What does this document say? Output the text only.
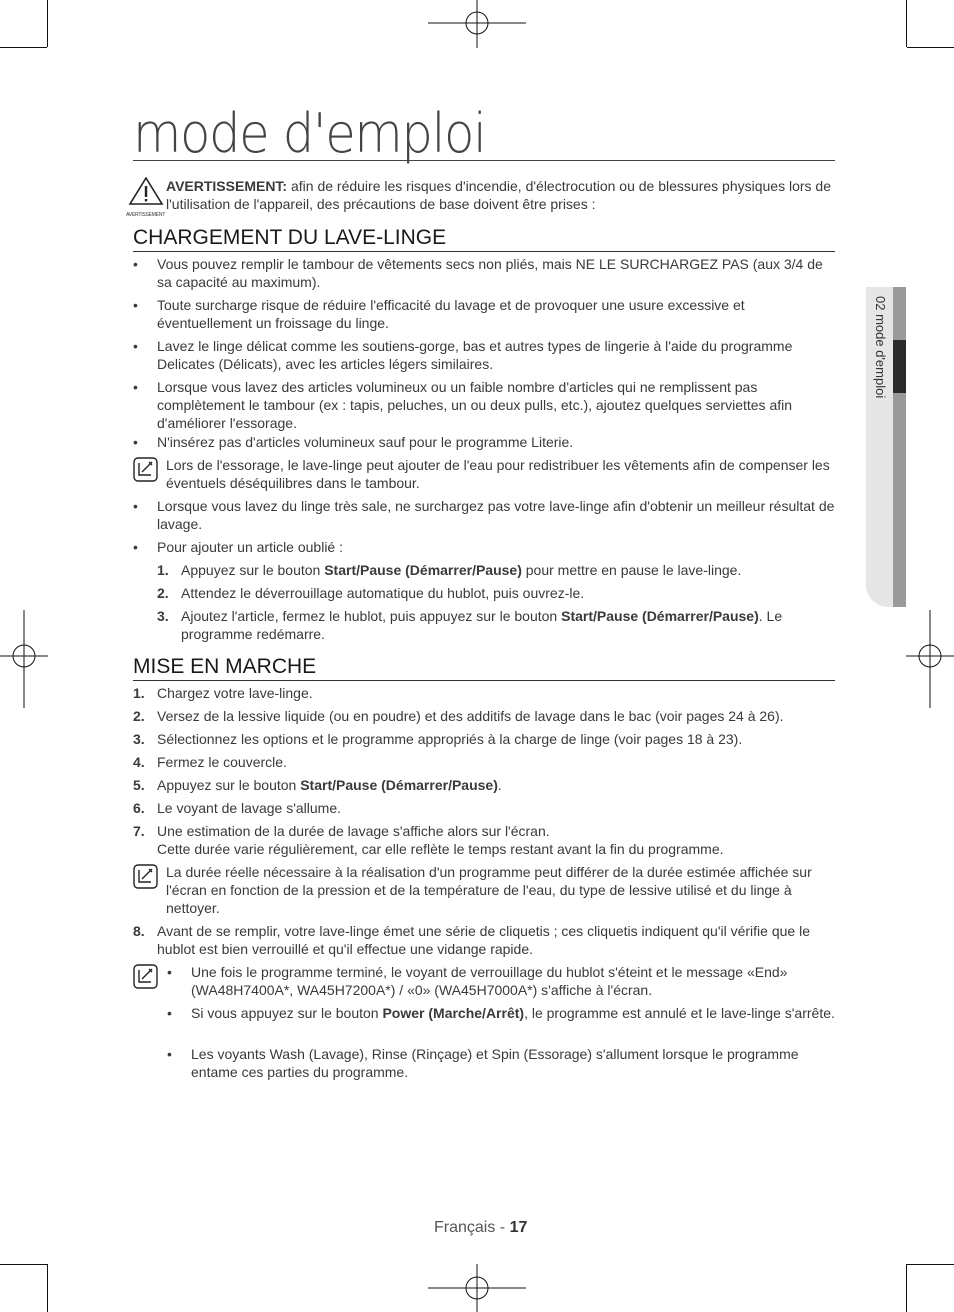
02 mode d'emploi
mode d'emploi
AVERTISSEMENT
AVERTISSEMENT: afin de réduire les risques d'incendie, d'électrocution ou de blessures physiques lors de l'utilisation de l'appareil, des précautions de base doivent être prises :
CHARGEMENT DU LAVE-LINGE
•	Vous pouvez remplir le tambour de vêtements secs non pliés, mais NE LE SURCHARGEZ PAS (aux 3/4 de sa capacité au maximum).
•	Toute surcharge risque de réduire l'efficacité du lavage et de provoquer une usure excessive et éventuellement un froissage du linge.
•	Lavez le linge délicat comme les soutiens-gorge, bas et autres types de lingerie à l'aide du programme Delicates (Délicats), avec les articles légers similaires.
•	Lorsque vous lavez des articles volumineux ou un faible nombre d'articles qui ne remplissent pas complètement le tambour (ex : tapis, peluches, un ou deux pulls, etc.), ajoutez quelques serviettes afin d'améliorer l'essorage.
•	N'insérez pas d'articles volumineux sauf pour le programme Literie.
Lors de l'essorage, le lave-linge peut ajouter de l'eau pour redistribuer les vêtements afin de compenser les éventuels déséquilibres dans le tambour.
•	Lorsque vous lavez du linge très sale, ne surchargez pas votre lave-linge afin d'obtenir un meilleur résultat de lavage.
•	Pour ajouter un article oublié :
1. Appuyez sur le bouton Start/Pause (Démarrer/Pause) pour mettre en pause le lave-linge.
2. Attendez le déverrouillage automatique du hublot, puis ouvrez-le.
3. Ajoutez l'article, fermez le hublot, puis appuyez sur le bouton Start/Pause (Démarrer/Pause). Le programme redémarre.
MISE EN MARCHE
1. Chargez votre lave-linge.
2. Versez de la lessive liquide (ou en poudre) et des additifs de lavage dans le bac (voir pages 24 à 26).
3. Sélectionnez les options et le programme appropriés à la charge de linge (voir pages 18 à 23).
4. Fermez le couvercle.
5. Appuyez sur le bouton Start/Pause (Démarrer/Pause).
6. Le voyant de lavage s'allume.
7. Une estimation de la durée de lavage s'affiche alors sur l'écran.
Cette durée varie régulièrement, car elle reflète le temps restant avant la fin du programme.
La durée réelle nécessaire à la réalisation d'un programme peut différer de la durée estimée affichée sur l'écran en fonction de la pression et de la température de l'eau, du type de lessive utilisé et du linge à nettoyer.
8. Avant de se remplir, votre lave-linge émet une série de cliquetis ; ces cliquetis indiquent qu'il vérifie que le hublot est bien verrouillé et qu'il effectue une vidange rapide.
•	Une fois le programme terminé, le voyant de verrouillage du hublot s'éteint et le message «End» (WA48H7400A*, WA45H7200A*) / «0» (WA45H7000A*) s'affiche à l'écran.
•	Si vous appuyez sur le bouton Power (Marche/Arrêt), le programme est annulé et le lave-linge s'arrête.
•	Les voyants Wash (Lavage), Rinse (Rinçage) et Spin (Essorage) s'allument lorsque le programme entame ces parties du programme.
Français - 17
